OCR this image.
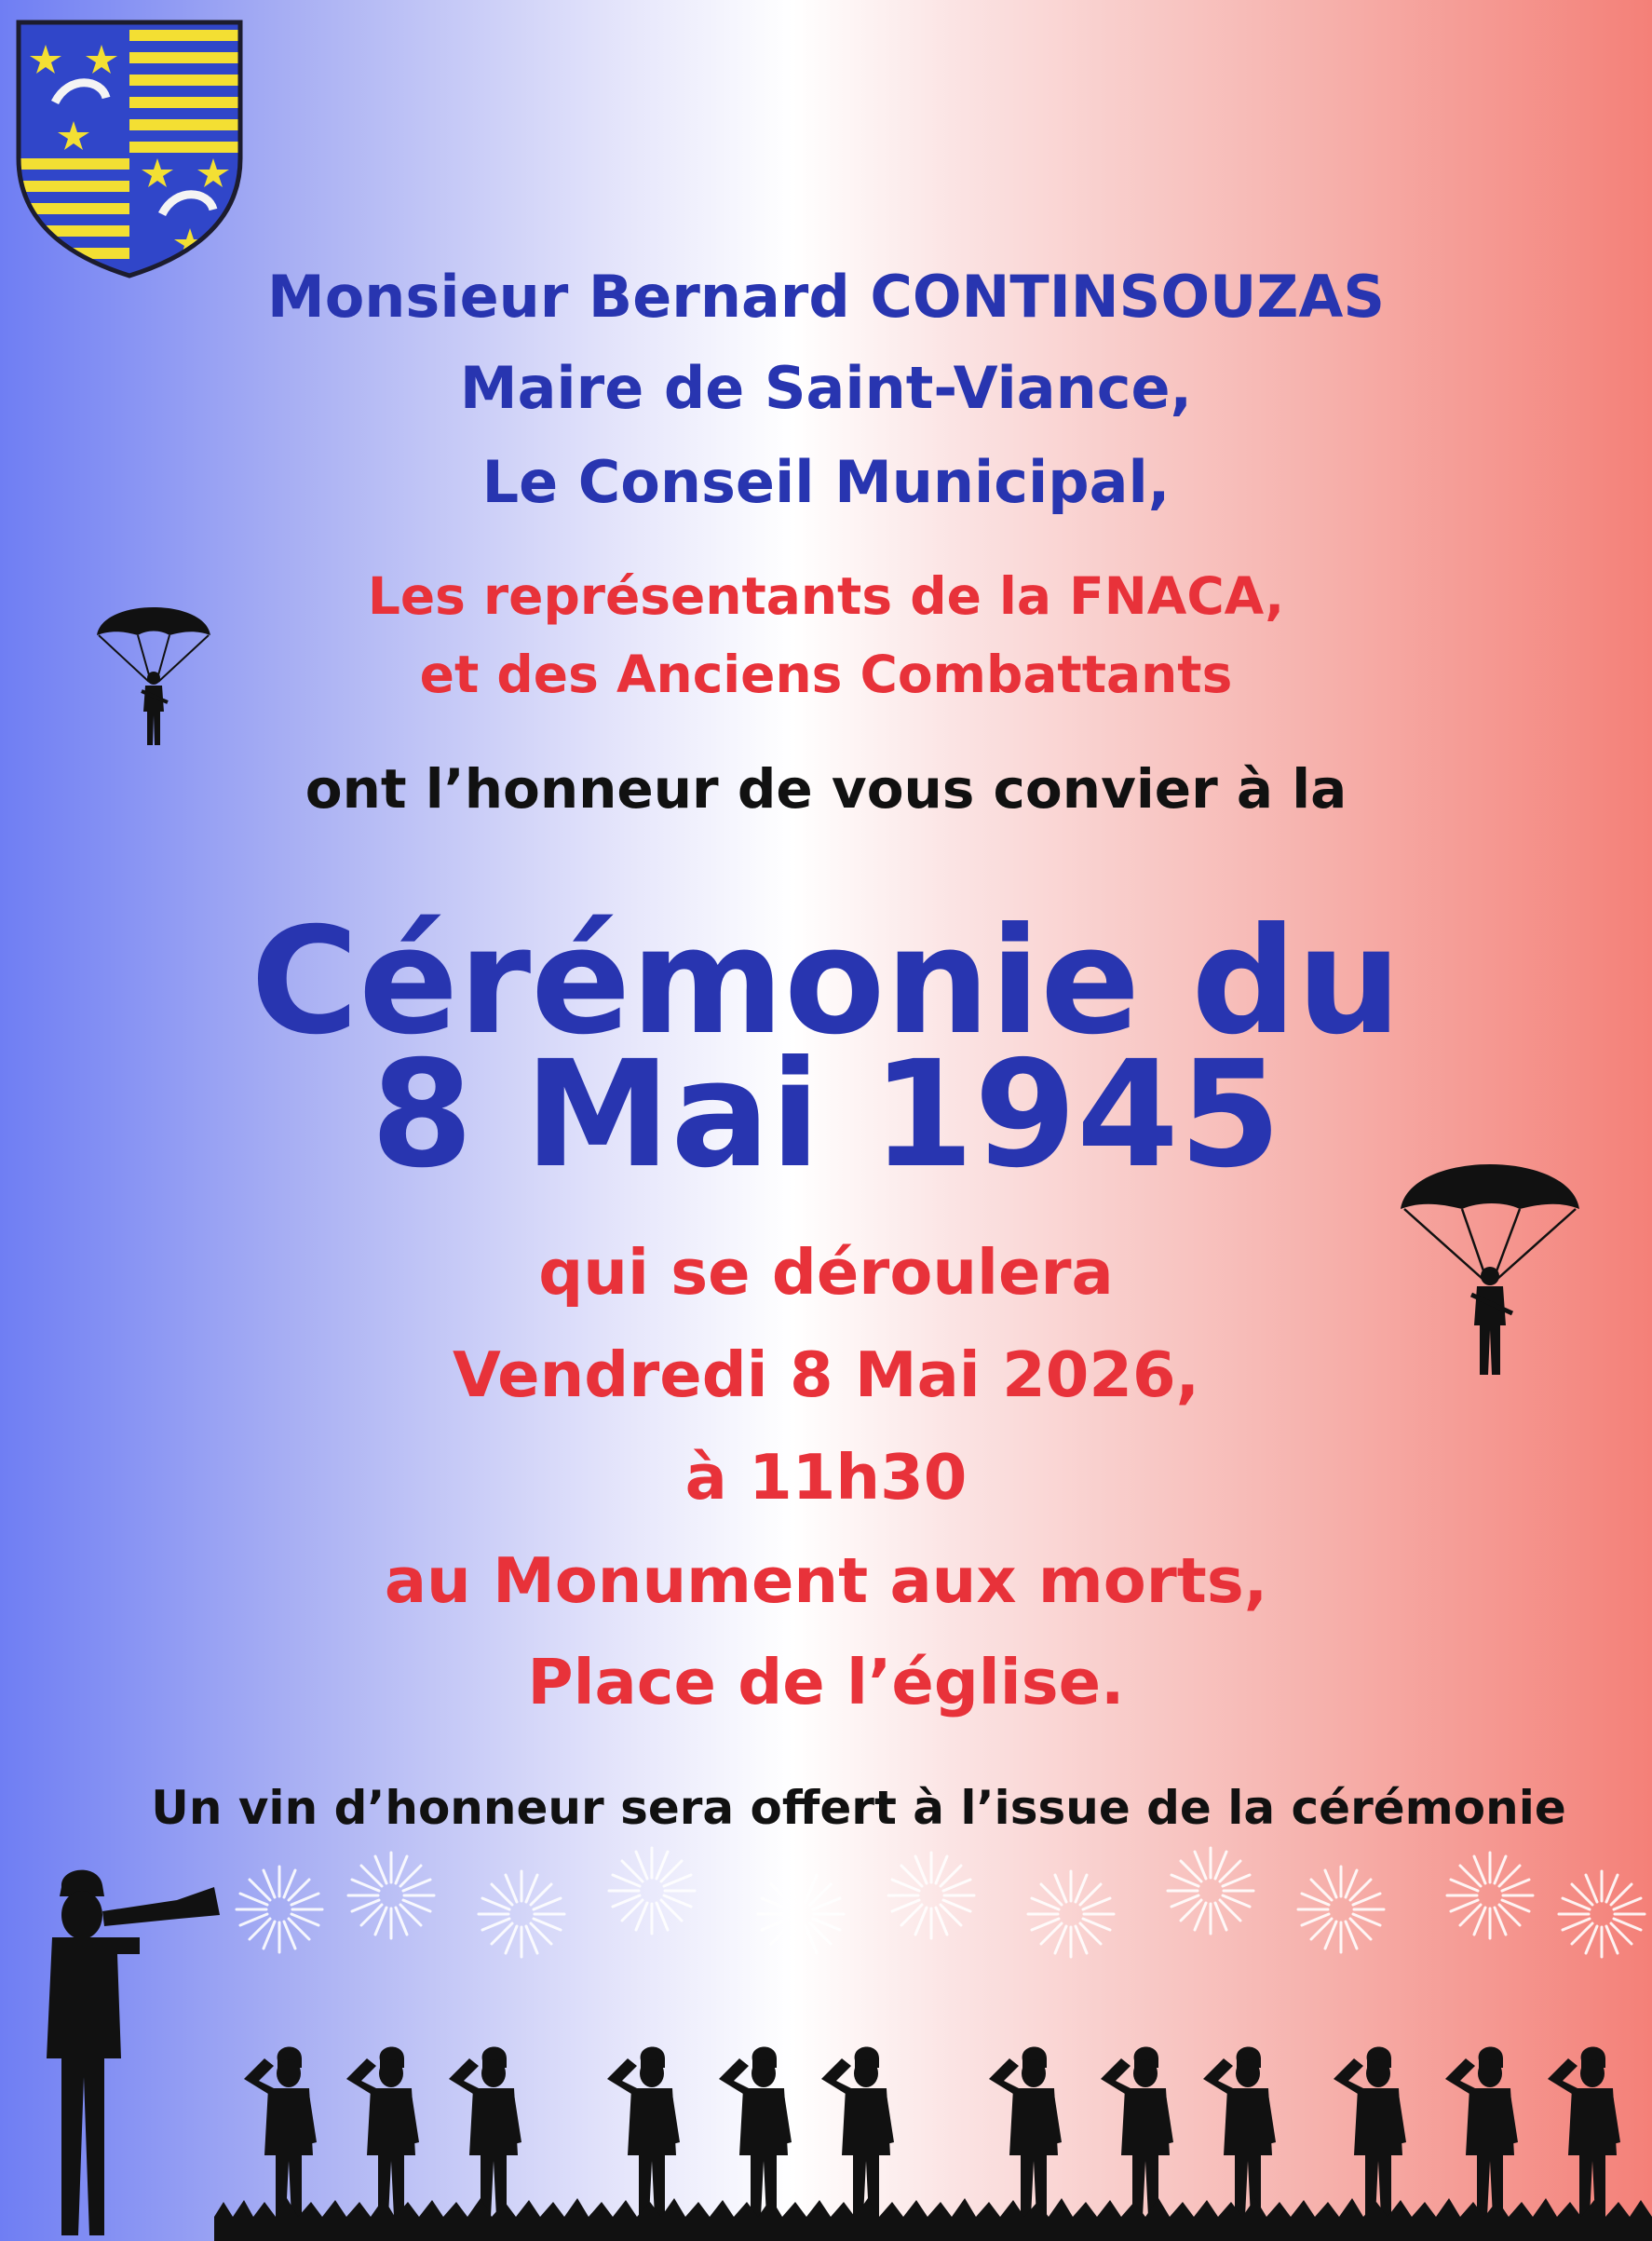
Monsieur Bernard CONTINSOUZAS
Maire de Saint-Viance,
Le Conseil Municipal,
Les représentants de la FNACA,
et des Anciens Combattants
ont l’honneur de vous convier à la
Cérémonie du
8 Mai 1945
qui se déroulera
Vendredi 8 Mai 2026,
à 11h30
au Monument aux morts,
Place de l’église.
Un vin d’honneur sera offert à l’issue de la cérémonie
